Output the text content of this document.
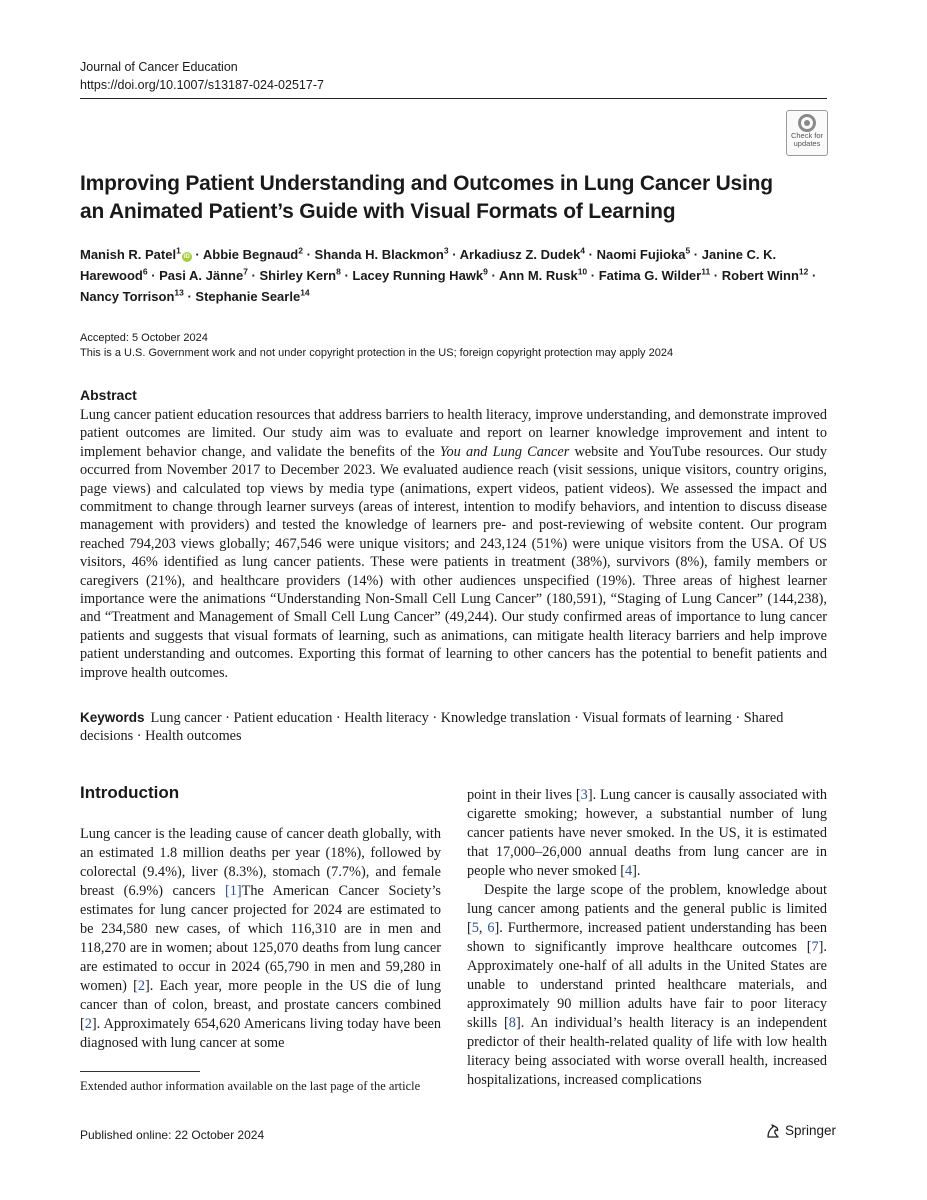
Journal of Cancer Education
https://doi.org/10.1007/s13187-024-02517-7
Check for
updates
Improving Patient Understanding and Outcomes in Lung Cancer Using
an Animated Patient’s Guide with Visual Formats of Learning
Manish R. Patel$^1$iD · Abbie Begnaud$^2$ · Shanda H. Blackmon$^3$ · Arkadiusz Z. Dudek$^4$ · Naomi Fujioka$^5$ · Janine C. K. Harewood$^6$ · Pasi A. Jänne$^7$ · Shirley Kern$^8$ · Lacey Running Hawk$^9$ · Ann M. Rusk$^{10}$ · Fatima G. Wilder$^{11}$ · Robert Winn$^{12}$ · Nancy Torrison$^{13}$ · Stephanie Searle$^{14}$
Accepted: 5 October 2024
This is a U.S. Government work and not under copyright protection in the US; foreign copyright protection may apply 2024
Abstract
Lung cancer patient education resources that address barriers to health literacy, improve understanding, and demonstrate improved patient outcomes are limited. Our study aim was to evaluate and report on learner knowledge improvement and intent to implement behavior change, and validate the benefits of the You and Lung Cancer website and YouTube resources. Our study occurred from November 2017 to December 2023. We evaluated audience reach (visit sessions, unique visitors, country origins, page views) and calculated top views by media type (animations, expert videos, patient videos). We assessed the impact and commitment to change through learner surveys (areas of interest, intention to modify behaviors, and intention to discuss disease management with providers) and tested the knowledge of learners pre- and post-reviewing of website content. Our program reached 794,203 views globally; 467,546 were unique visitors; and 243,124 (51%) were unique visitors from the USA. Of US visitors, 46% identified as lung cancer patients. These were patients in treatment (38%), survivors (8%), family members or caregivers (21%), and healthcare providers (14%) with other audiences unspecified (19%). Three areas of highest learner importance were the animations “Understanding Non-Small Cell Lung Cancer” (180,591), “Staging of Lung Cancer” (144,238), and “Treatment and Management of Small Cell Lung Cancer” (49,244). Our study confirmed areas of importance to lung cancer patients and suggests that visual formats of learning, such as animations, can mitigate health literacy barriers and help improve patient understanding and outcomes. Exporting this format of learning to other cancers has the potential to benefit patients and improve health outcomes.
Keywords Lung cancer · Patient education · Health literacy · Knowledge translation · Visual formats of learning · Shared decisions · Health outcomes
Introduction
Lung cancer is the leading cause of cancer death globally, with an estimated 1.8 million deaths per year (18%), followed by colorectal (9.4%), liver (8.3%), stomach (7.7%), and female breast (6.9%) cancers [1]The American Cancer Society’s estimates for lung cancer projected for 2024 are estimated to be 234,580 new cases, of which 116,310 are in men and 118,270 are in women; about 125,070 deaths from lung cancer are estimated to occur in 2024 (65,790 in men and 59,280 in women) [2]. Each year, more people in the US die of lung cancer than of colon, breast, and prostate cancers combined [2]. Approximately 654,620 Americans living today have been diagnosed with lung cancer at some

point in their lives [3]. Lung cancer is causally associated with cigarette smoking; however, a substantial number of lung cancer patients have never smoked. In the US, it is estimated that 17,000–26,000 annual deaths from lung cancer are in people who never smoked [4].

Despite the large scope of the problem, knowledge about lung cancer among patients and the general public is limited [5, 6]. Furthermore, increased patient understanding has been shown to significantly improve healthcare outcomes [7]. Approximately one-half of all adults in the United States are unable to understand printed healthcare materials, and approximately 90 million adults have fair to poor literacy skills [8]. An individual’s health literacy is an independent predictor of their health-related quality of life with low health literacy being associated with worse overall health, increased hospitalizations, increased complications

Extended author information available on the last page of the article
Published online: 22 October 2024	Springer
